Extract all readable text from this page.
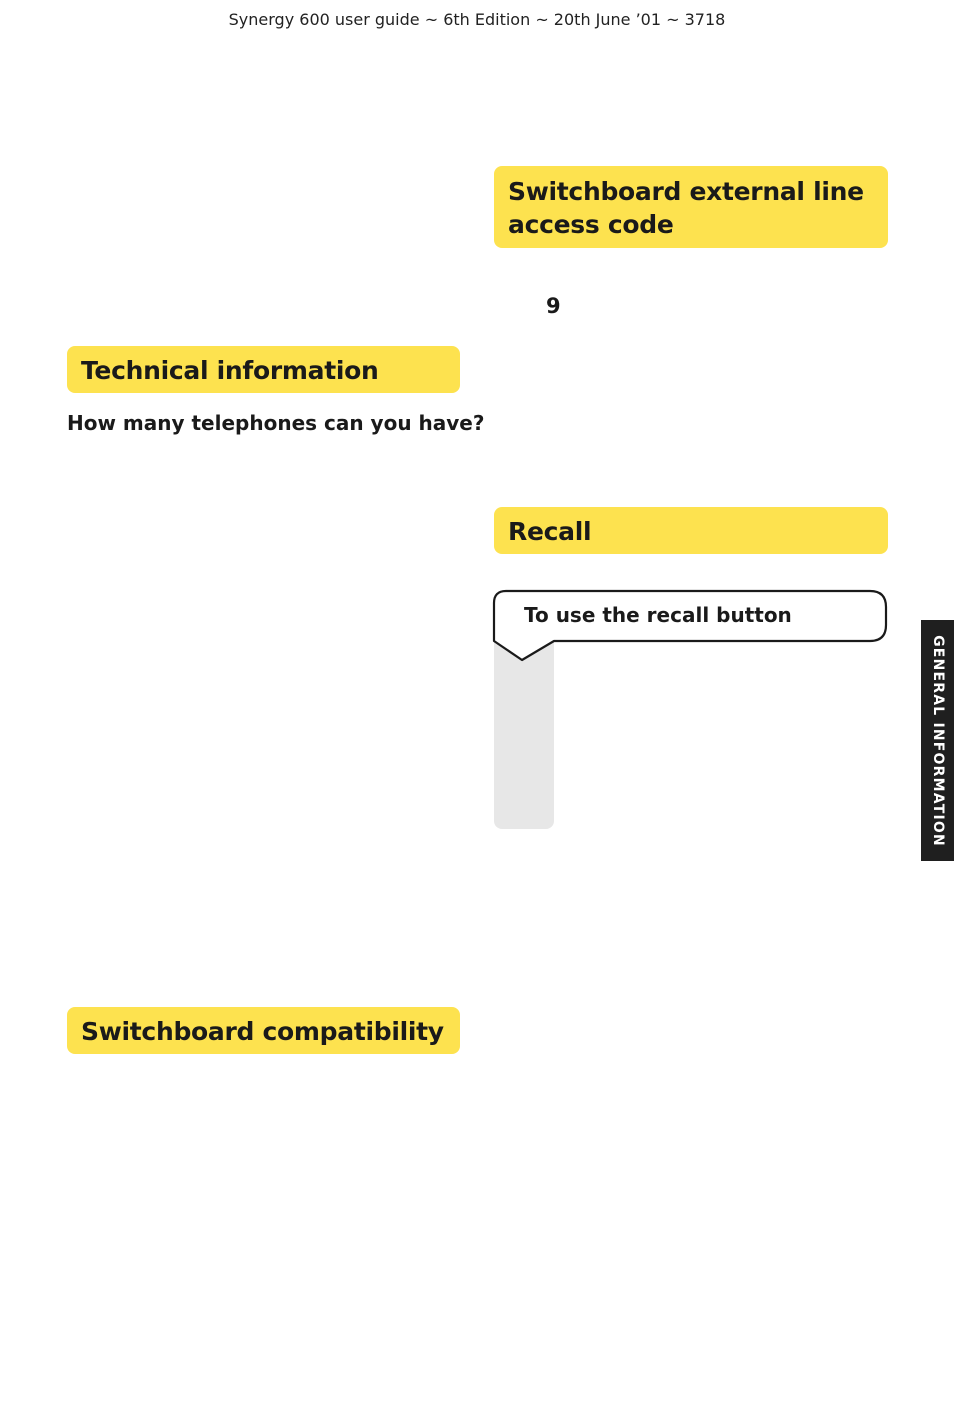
Synergy 600 user guide ~ 6th Edition ~ 20th June ’01 ~ 3718
Switchboard external line access code
9
Technical information
How many telephones can you have?
Recall
To use the recall button
GENERAL INFORMATION
Switchboard compatibility
